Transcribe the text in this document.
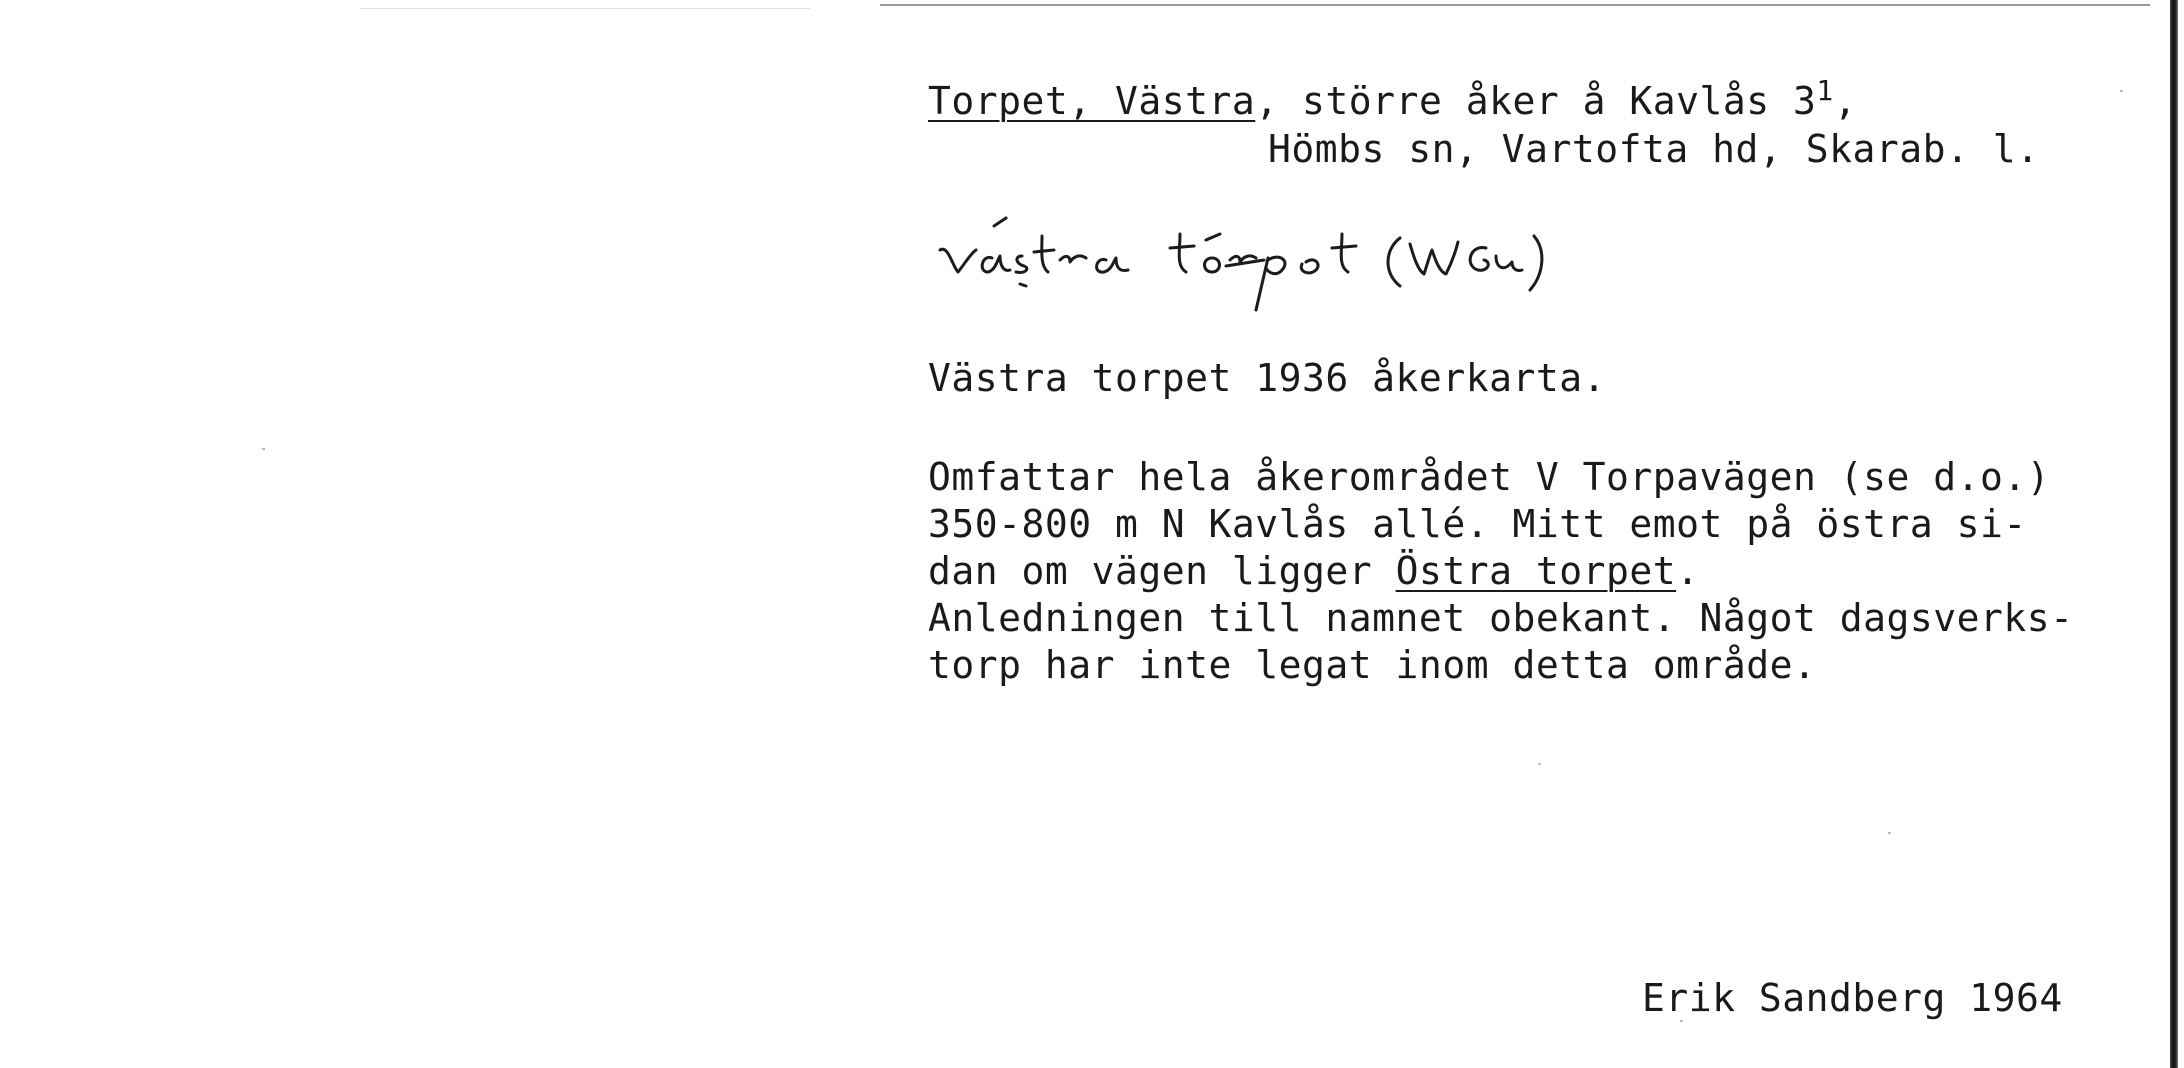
Torpet, Västra, större åker å Kavlås $3^1$,
Hömbs sn, Vartofta hd, Skarab. l.
Västra torpet 1936 åkerkarta.
Omfattar hela åkerområdet V Torpavägen (se d.o.)
350-800 m N Kavlås allé. Mitt emot på östra si-
dan om vägen ligger Östra torpet.
Anledningen till namnet obekant. Något dagsverks-
torp har inte legat inom detta område.
Erik Sandberg 1964
